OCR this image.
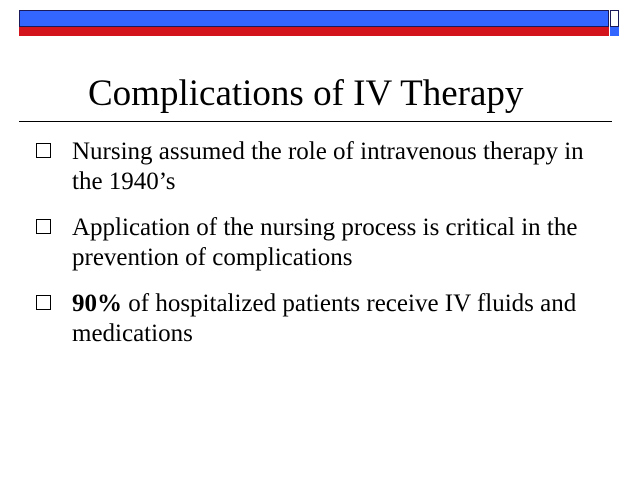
Complications of IV Therapy
Nursing assumed the role of intravenous therapy in the 1940’s
Application of the nursing process is critical in the prevention of complications
90% of hospitalized patients receive IV fluids and medications
